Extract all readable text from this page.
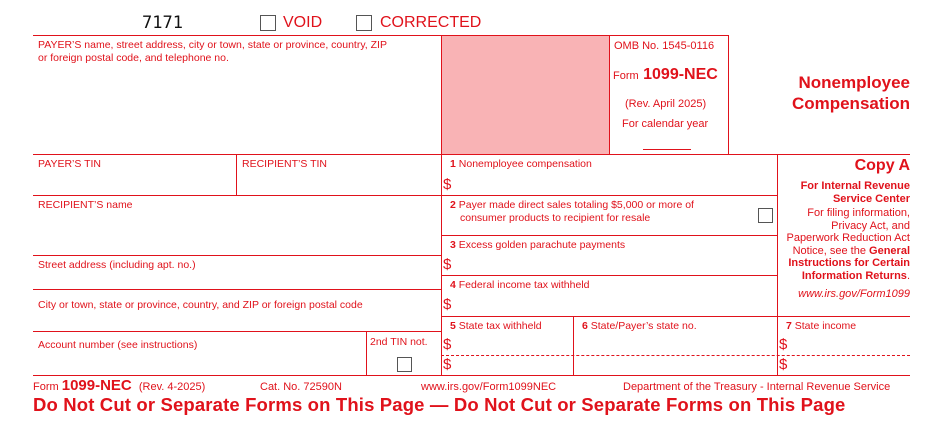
7171	VOID	CORRECTED
PAYER’S name, street address, city or town, state or province, country, ZIP
or foreign postal code, and telephone no.
OMB No. 1545-0116
Form 1099-NEC
(Rev. April 2025)
For calendar year
Nonemployee
Compensation
PAYER’S TIN	RECIPIENT’S TIN
RECIPIENT’S name
Street address (including apt. no.)
City or town, state or province, country, and ZIP or foreign postal code
Account number (see instructions)	2nd TIN not.
1 Nonemployee compensation
$
2 Payer made direct sales totaling $5,000 or more of
consumer products to recipient for resale
3 Excess golden parachute payments
$
4 Federal income tax withheld
$
5 State tax withheld
$
$
6 State/Payer’s state no.	7 State income
$
$
Copy A
For Internal Revenue
Service Center
For filing information,
Privacy Act, and
Paperwork Reduction Act
Notice, see the General
Instructions for Certain
Information Returns.
www.irs.gov/Form1099
Form 1099-NEC (Rev. 4-2025)	Cat. No. 72590N	www.irs.gov/Form1099NEC	Department of the Treasury - Internal Revenue Service
Do Not Cut or Separate Forms on This Page — Do Not Cut or Separate Forms on This Page
